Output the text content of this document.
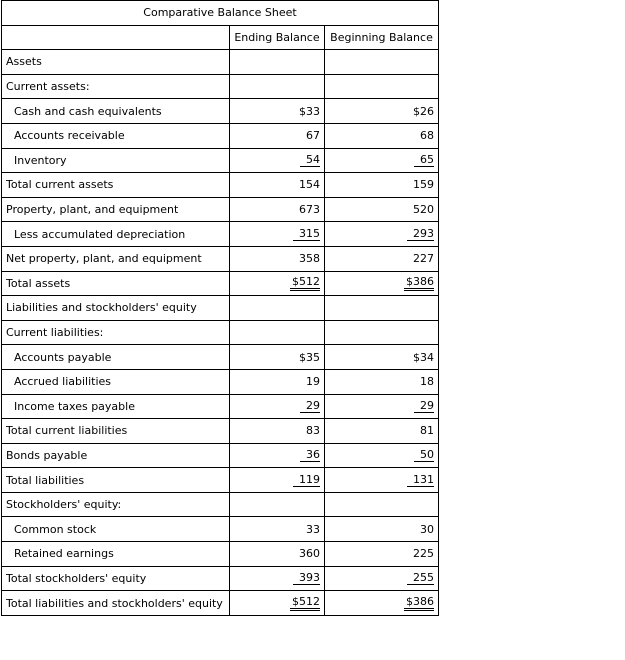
Comparative Balance Sheet		
	Ending Balance	Beginning Balance
Assets		
Current assets:		
Cash and cash equivalents	$33	$26
Accounts receivable	67	68
Inventory	54	65
Total current assets	154	159
Property, plant, and equipment	673	520
Less accumulated depreciation	315	293
Net property, plant, and equipment	358	227
Total assets	$512	$386
Liabilities and stockholders' equity		
Current liabilities:		
Accounts payable	$35	$34
Accrued liabilities	19	18
Income taxes payable	29	29
Total current liabilities	83	81
Bonds payable	36	50
Total liabilities	119	131
Stockholders' equity:		
Common stock	33	30
Retained earnings	360	225
Total stockholders' equity	393	255
Total liabilities and stockholders' equity	$512	$386
